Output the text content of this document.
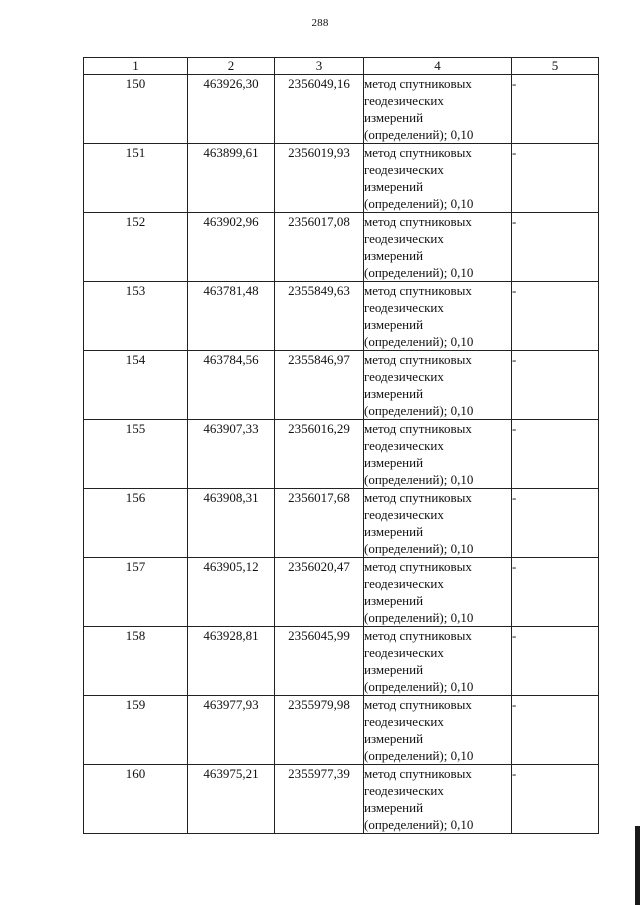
288
1	2	3	4	5
150	463926,30	2356049,16	метод спутниковых
геодезических
измерений
(определений); 0,10	-
151	463899,61	2356019,93	метод спутниковых
геодезических
измерений
(определений); 0,10	-
152	463902,96	2356017,08	метод спутниковых
геодезических
измерений
(определений); 0,10	-
153	463781,48	2355849,63	метод спутниковых
геодезических
измерений
(определений); 0,10	-
154	463784,56	2355846,97	метод спутниковых
геодезических
измерений
(определений); 0,10	-
155	463907,33	2356016,29	метод спутниковых
геодезических
измерений
(определений); 0,10	-
156	463908,31	2356017,68	метод спутниковых
геодезических
измерений
(определений); 0,10	-
157	463905,12	2356020,47	метод спутниковых
геодезических
измерений
(определений); 0,10	-
158	463928,81	2356045,99	метод спутниковых
геодезических
измерений
(определений); 0,10	-
159	463977,93	2355979,98	метод спутниковых
геодезических
измерений
(определений); 0,10	-
160	463975,21	2355977,39	метод спутниковых
геодезических
измерений
(определений); 0,10	-
